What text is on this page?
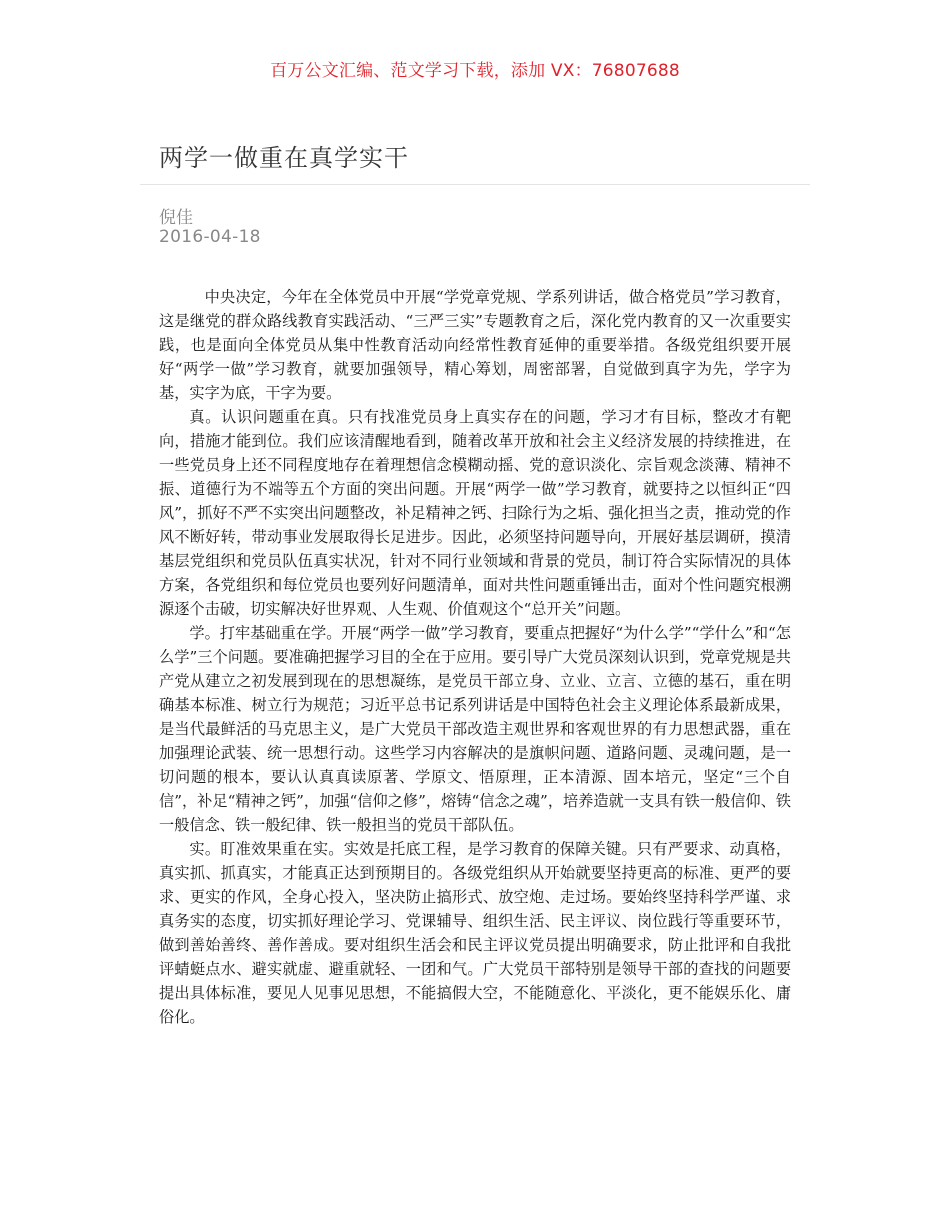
百万公文汇编、范文学习下载，添加 VX：76807688
两学一做重在真学实干
倪佳
2016-04-18

中央决定，今年在全体党员中开展“学党章党规、学系列讲话，做合格党员”学习教育，这是继党的群众路线教育实践活动、“三严三实”专题教育之后，深化党内教育的又一次重要实践，也是面向全体党员从集中性教育活动向经常性教育延伸的重要举措。各级党组织要开展好“两学一做”学习教育，就要加强领导，精心筹划，周密部署，自觉做到真字为先，学字为基，实字为底，干字为要。

真。认识问题重在真。只有找准党员身上真实存在的问题，学习才有目标，整改才有靶向，措施才能到位。我们应该清醒地看到，随着改革开放和社会主义经济发展的持续推进，在一些党员身上还不同程度地存在着理想信念模糊动摇、党的意识淡化、宗旨观念淡薄、精神不振、道德行为不端等五个方面的突出问题。开展“两学一做”学习教育，就要持之以恒纠正“四风”，抓好不严不实突出问题整改，补足精神之钙、扫除行为之垢、强化担当之责，推动党的作风不断好转，带动事业发展取得长足进步。因此，必须坚持问题导向，开展好基层调研，摸清基层党组织和党员队伍真实状况，针对不同行业领域和背景的党员，制订符合实际情况的具体方案，各党组织和每位党员也要列好问题清单，面对共性问题重锤出击，面对个性问题究根溯源逐个击破，切实解决好世界观、人生观、价值观这个“总开关”问题。

学。打牢基础重在学。开展“两学一做”学习教育，要重点把握好“为什么学”“学什么”和“怎么学”三个问题。要准确把握学习目的全在于应用。要引导广大党员深刻认识到，党章党规是共产党从建立之初发展到现在的思想凝练，是党员干部立身、立业、立言、立德的基石，重在明确基本标准、树立行为规范；习近平总书记系列讲话是中国特色社会主义理论体系最新成果，是当代最鲜活的马克思主义，是广大党员干部改造主观世界和客观世界的有力思想武器，重在加强理论武装、统一思想行动。这些学习内容解决的是旗帜问题、道路问题、灵魂问题，是一切问题的根本，要认认真真读原著、学原文、悟原理，正本清源、固本培元，坚定“三个自信”，补足“精神之钙”，加强“信仰之修”，熔铸“信念之魂”，培养造就一支具有铁一般信仰、铁一般信念、铁一般纪律、铁一般担当的党员干部队伍。

实。盯准效果重在实。实效是托底工程，是学习教育的保障关键。只有严要求、动真格，真实抓、抓真实，才能真正达到预期目的。各级党组织从开始就要坚持更高的标准、更严的要求、更实的作风，全身心投入，坚决防止搞形式、放空炮、走过场。要始终坚持科学严谨、求真务实的态度，切实抓好理论学习、党课辅导、组织生活、民主评议、岗位践行等重要环节，做到善始善终、善作善成。要对组织生活会和民主评议党员提出明确要求，防止批评和自我批评蜻蜓点水、避实就虚、避重就轻、一团和气。广大党员干部特别是领导干部的查找的问题要提出具体标准，要见人见事见思想，不能搞假大空，不能随意化、平淡化，更不能娱乐化、庸俗化。
